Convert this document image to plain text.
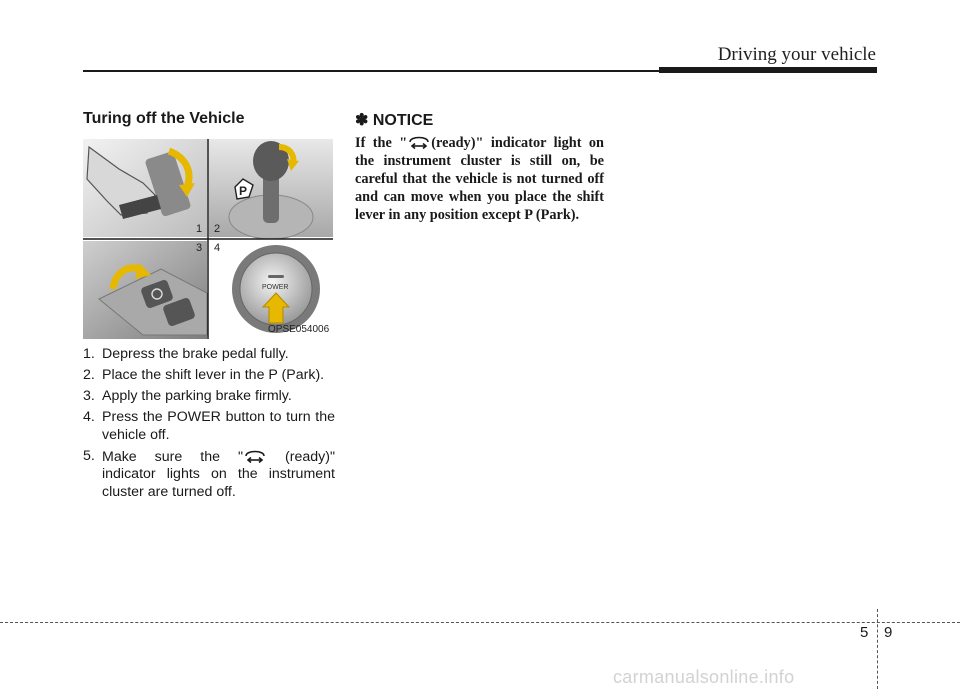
Driving your vehicle
Turing off the Vehicle
P
POWER
1 2
3 4
OPSE054006
1. Depress the brake pedal fully.
2. Place the shift lever in the P (Park).
3. Apply the parking brake firmly.
4. Press the POWER button to turn the vehicle off.
5. Make sure the " (ready)" indicator lights on the instrument cluster are turned off.
✽ NOTICE

If the " (ready)" indicator light on the instrument cluster is still on, be careful that the vehicle is not turned off and can move when you place the shift lever in any position except P (Park).

5 9
carmanualsonline.info
